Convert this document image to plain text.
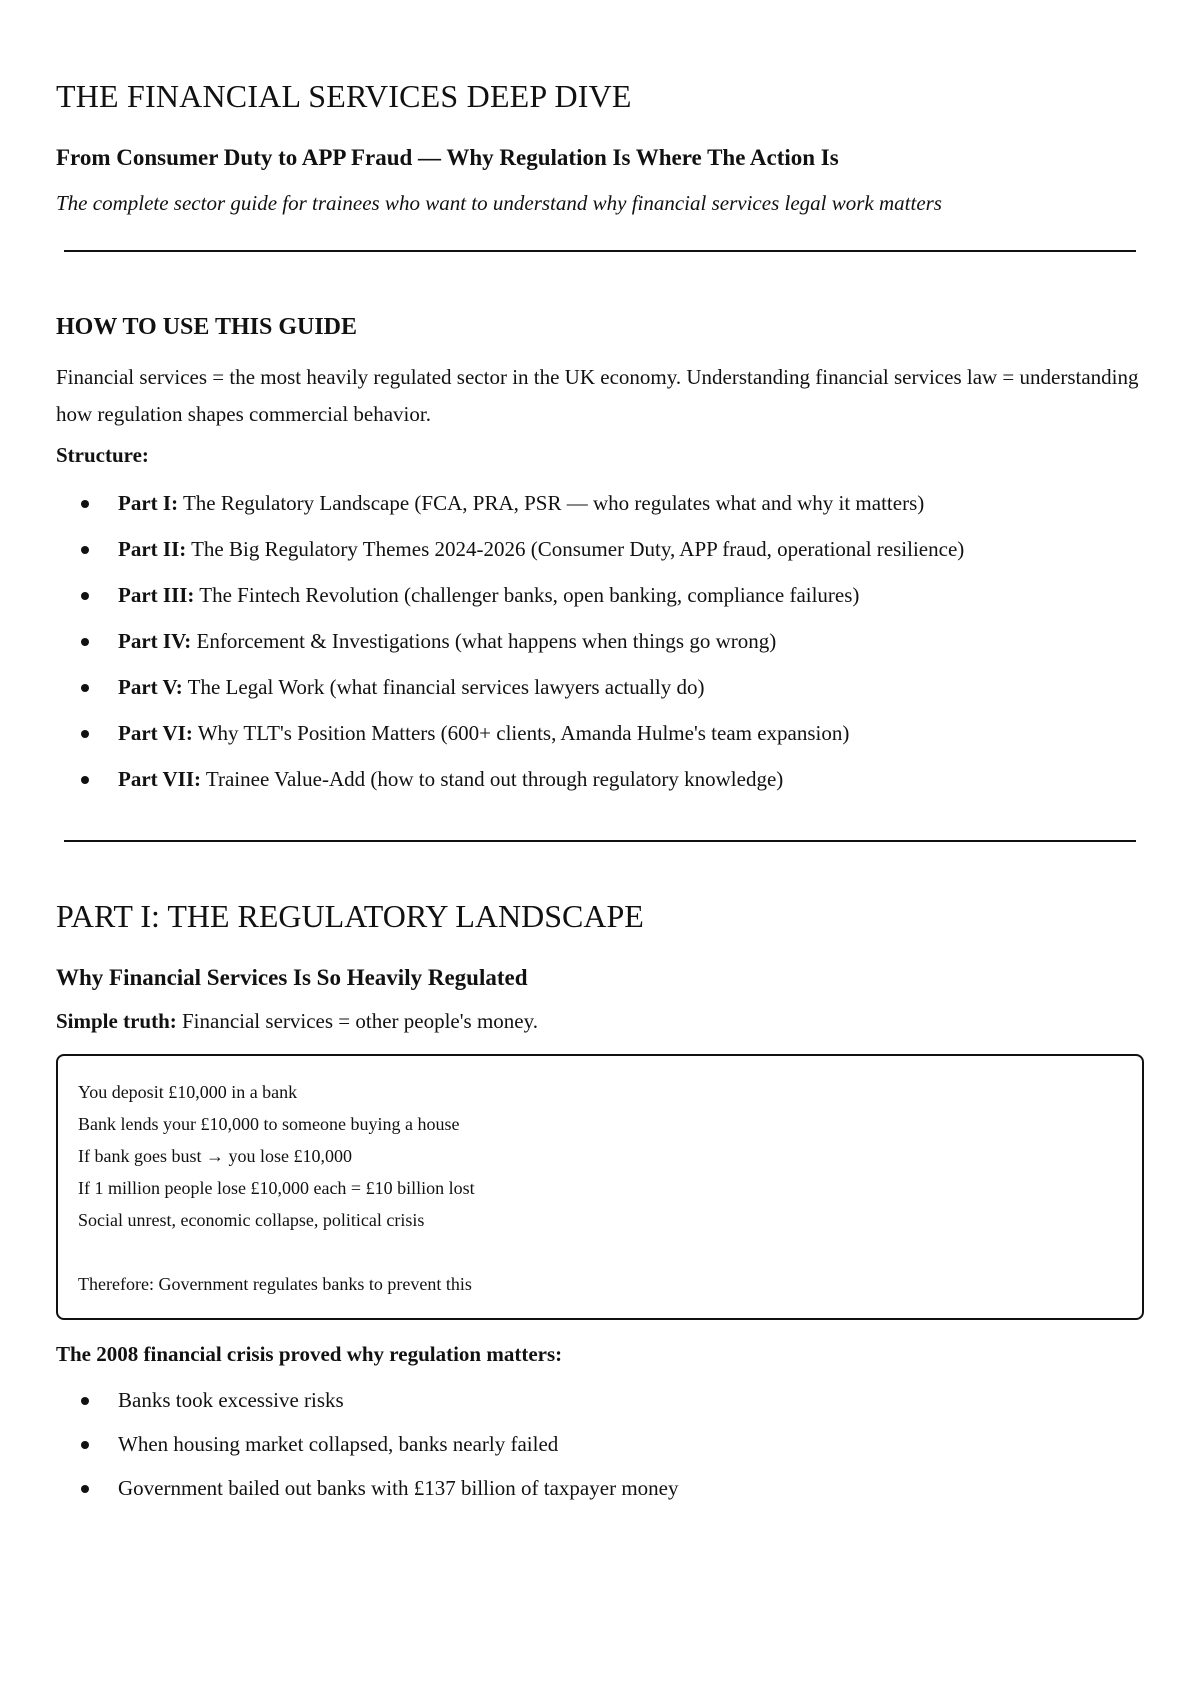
THE FINANCIAL SERVICES DEEP DIVE
From Consumer Duty to APP Fraud — Why Regulation Is Where The Action Is

The complete sector guide for trainees who want to understand why financial services legal work matters

HOW TO USE THIS GUIDE

Financial services = the most heavily regulated sector in the UK economy. Understanding financial services law = understanding how regulation shapes commercial behavior.

Structure:

Part I: The Regulatory Landscape (FCA, PRA, PSR — who regulates what and why it matters)
Part II: The Big Regulatory Themes 2024-2026 (Consumer Duty, APP fraud, operational resilience)
Part III: The Fintech Revolution (challenger banks, open banking, compliance failures)
Part IV: Enforcement & Investigations (what happens when things go wrong)
Part V: The Legal Work (what financial services lawyers actually do)
Part VI: Why TLT's Position Matters (600+ clients, Amanda Hulme's team expansion)
Part VII: Trainee Value-Add (how to stand out through regulatory knowledge)
PART I: THE REGULATORY LANDSCAPE
Why Financial Services Is So Heavily Regulated

Simple truth: Financial services = other people's money.

You deposit £10,000 in a bank
Bank lends your £10,000 to someone buying a house
If bank goes bust → you lose £10,000
If 1 million people lose £10,000 each = £10 billion lost
Social unrest, economic collapse, political crisis
Therefore: Government regulates banks to prevent this

The 2008 financial crisis proved why regulation matters:

Banks took excessive risks
When housing market collapsed, banks nearly failed
Government bailed out banks with £137 billion of taxpayer money
